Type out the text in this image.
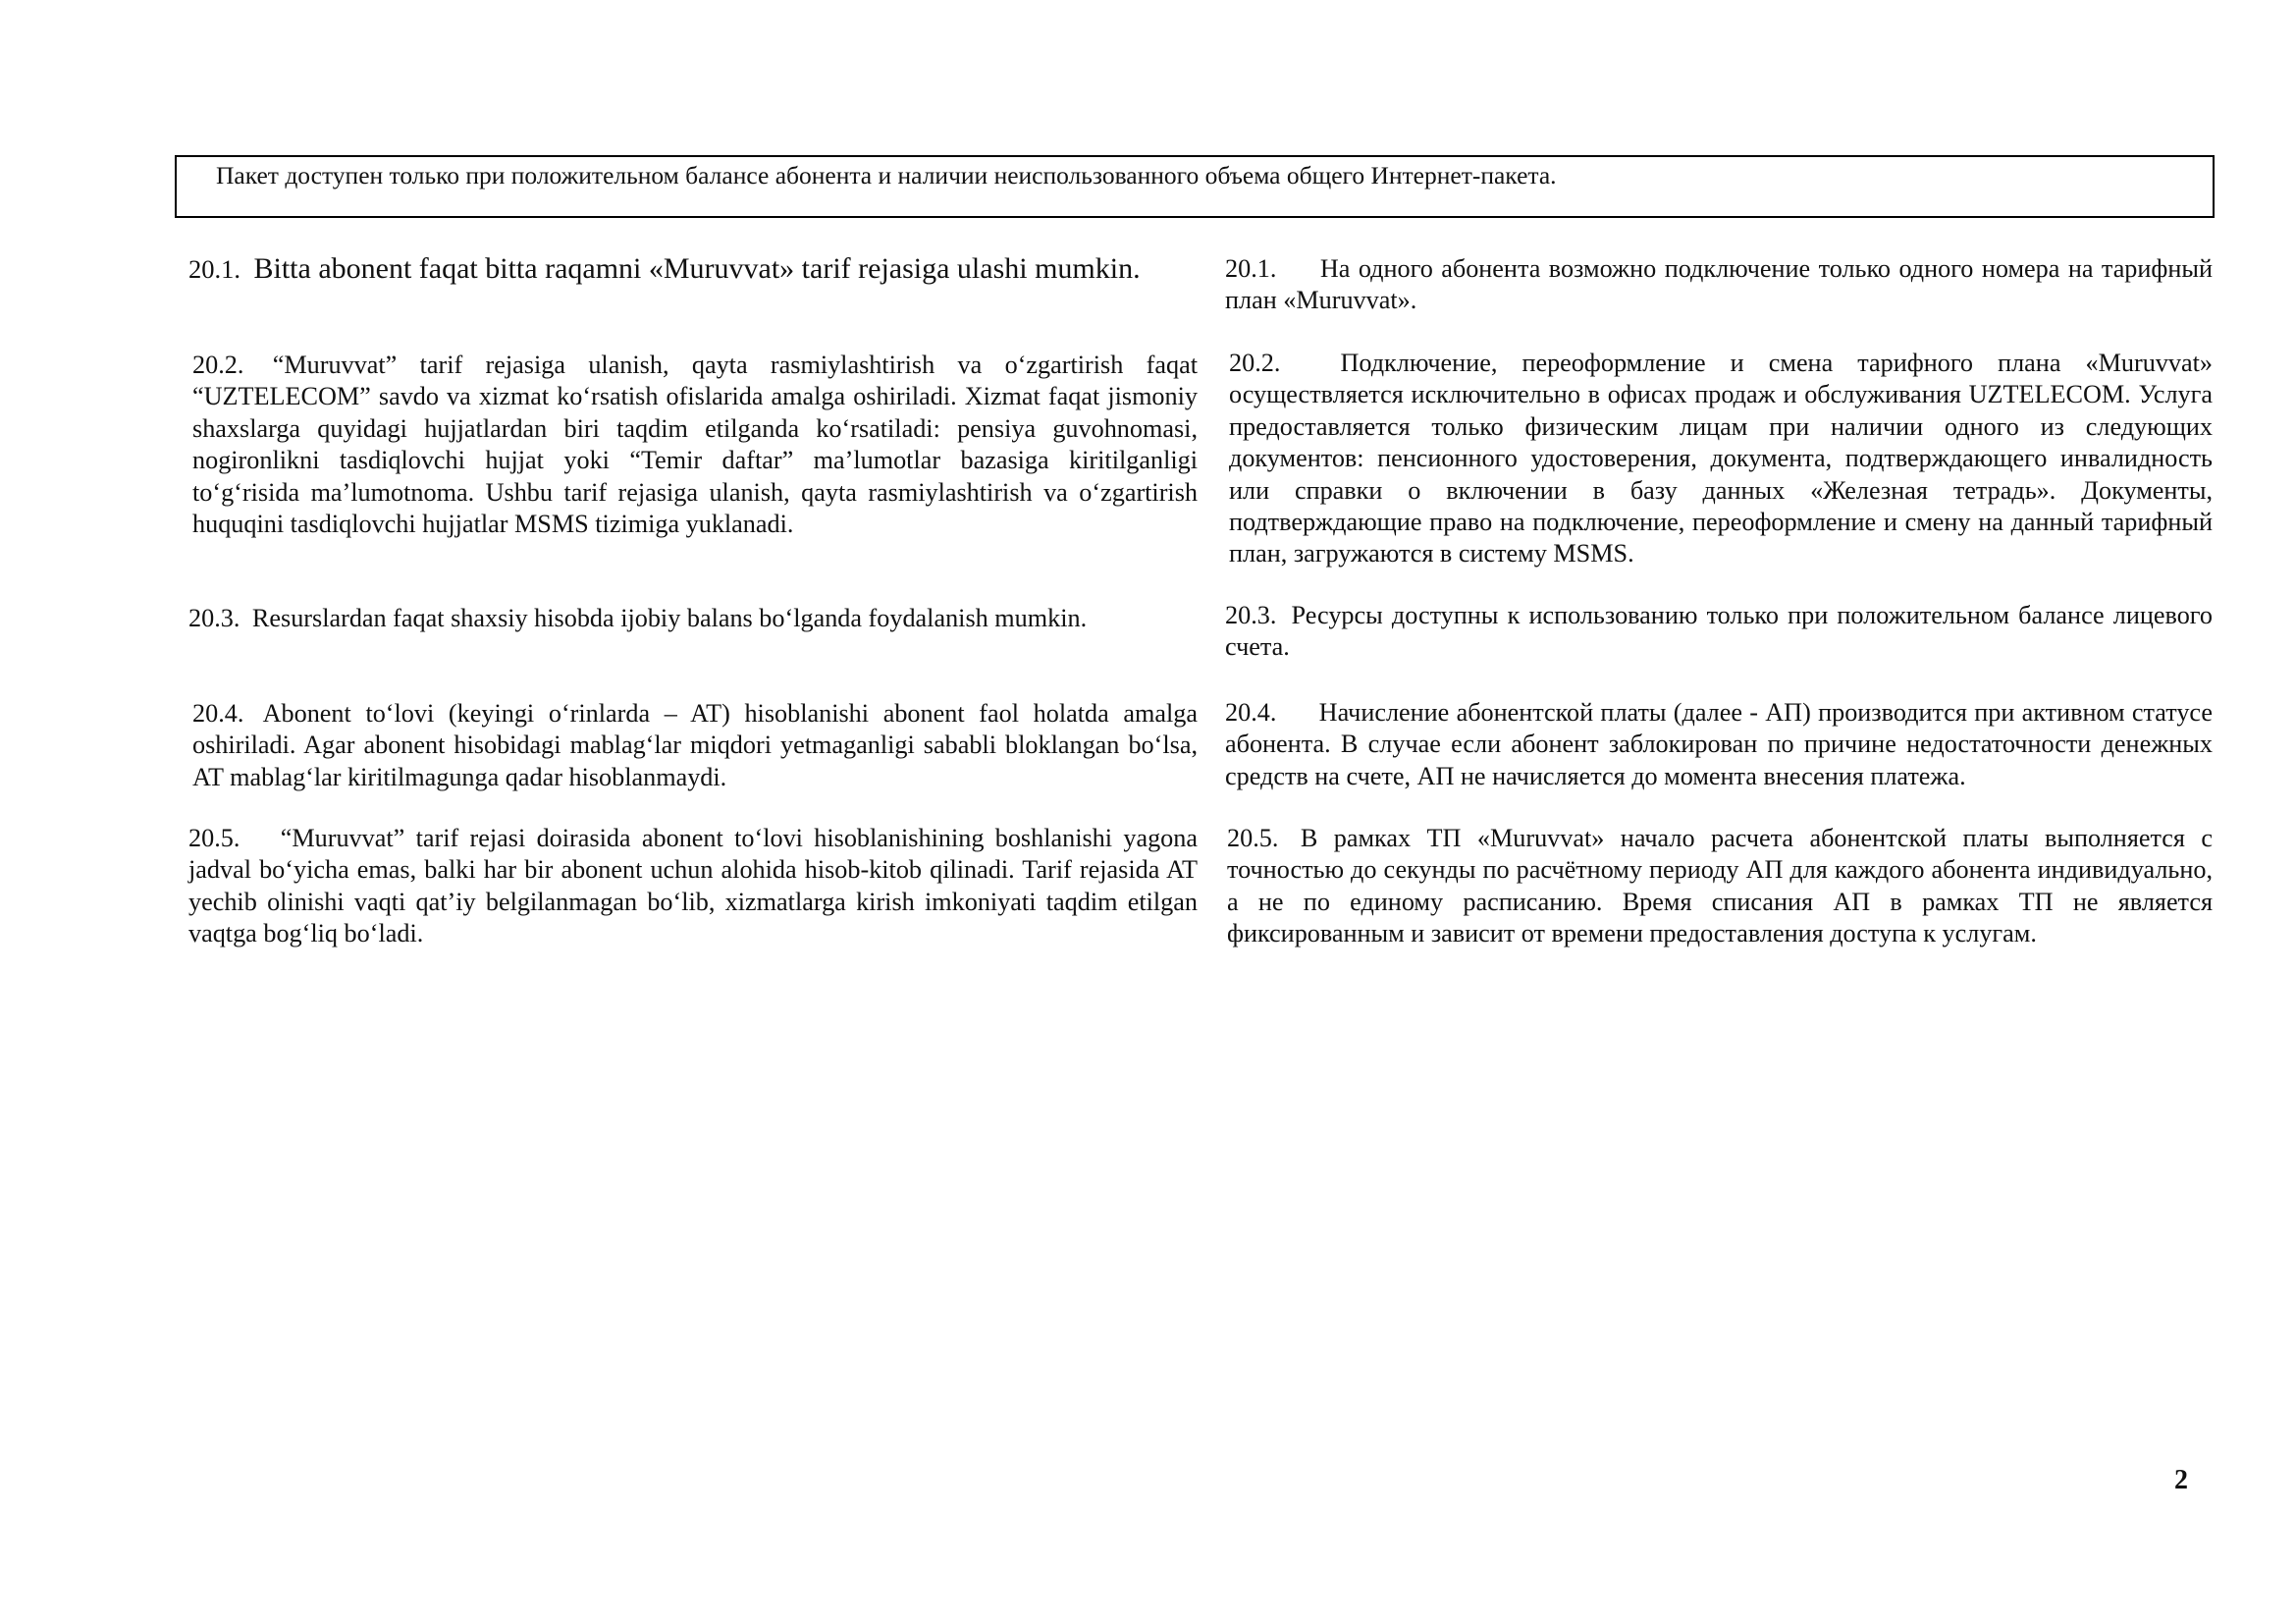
Пакет доступен только при положительном балансе абонента и наличии неиспользованного объема общего Интернет-пакета.
20.1. Bitta abonent faqat bitta raqamni «Muruvvat» tarif rejasiga ulashi mumkin.
20.2. “Muruvvat” tarif rejasiga ulanish, qayta rasmiylashtirish va o‘zgartirish faqat “UZTELECOM” savdo va xizmat ko‘rsatish ofislarida amalga oshiriladi. Xizmat faqat jismoniy shaxslarga quyidagi hujjatlardan biri taqdim etilganda ko‘rsatiladi: pensiya guvohnomasi, nogironlikni tasdiqlovchi hujjat yoki “Temir daftar” ma’lumotlar bazasiga kiritilganligi to‘g‘risida ma’lumotnoma. Ushbu tarif rejasiga ulanish, qayta rasmiylashtirish va o‘zgartirish huquqini tasdiqlovchi hujjatlar MSMS tizimiga yuklanadi.
20.3. Resurslardan faqat shaxsiy hisobda ijobiy balans bo‘lganda foydalanish mumkin.
20.4. Abonent to‘lovi (keyingi o‘rinlarda – AT) hisoblanishi abonent faol holatda amalga oshiriladi. Agar abonent hisobidagi mablag‘lar miqdori yetmaganligi sababli bloklangan bo‘lsa, AT mablag‘lar kiritilmagunga qadar hisoblanmaydi.
20.5. “Muruvvat” tarif rejasi doirasida abonent to‘lovi hisoblanishining boshlanishi yagona jadval bo‘yicha emas, balki har bir abonent uchun alohida hisob-kitob qilinadi. Tarif rejasida AT yechib olinishi vaqti qat’iy belgilanmagan bo‘lib, xizmatlarga kirish imkoniyati taqdim etilgan vaqtga bog‘liq bo‘ladi.
20.1. На одного абонента возможно подключение только одного номера на тарифный план «Muruvvat».
20.2. Подключение, переоформление и смена тарифного плана «Muruvvat» осуществляется исключительно в офисах продаж и обслуживания UZTELECOM. Услуга предоставляется только физическим лицам при наличии одного из следующих документов: пенсионного удостоверения, документа, подтверждающего инвалидность или справки о включении в базу данных «Железная тетрадь». Документы, подтверждающие право на подключение, переоформление и смену на данный тарифный план, загружаются в систему MSMS.
20.3. Ресурсы доступны к использованию только при положительном балансе лицевого счета.
20.4. Начисление абонентской платы (далее - АП) производится при активном статусе абонента. В случае если абонент заблокирован по причине недостаточности денежных средств на счете, АП не начисляется до момента внесения платежа.
20.5. В рамках ТП «Muruvvat» начало расчета абонентской платы выполняется с точностью до секунды по расчётному периоду АП для каждого абонента индивидуально, а не по единому расписанию. Время списания АП в рамках ТП не является фиксированным и зависит от времени предоставления доступа к услугам.
2
